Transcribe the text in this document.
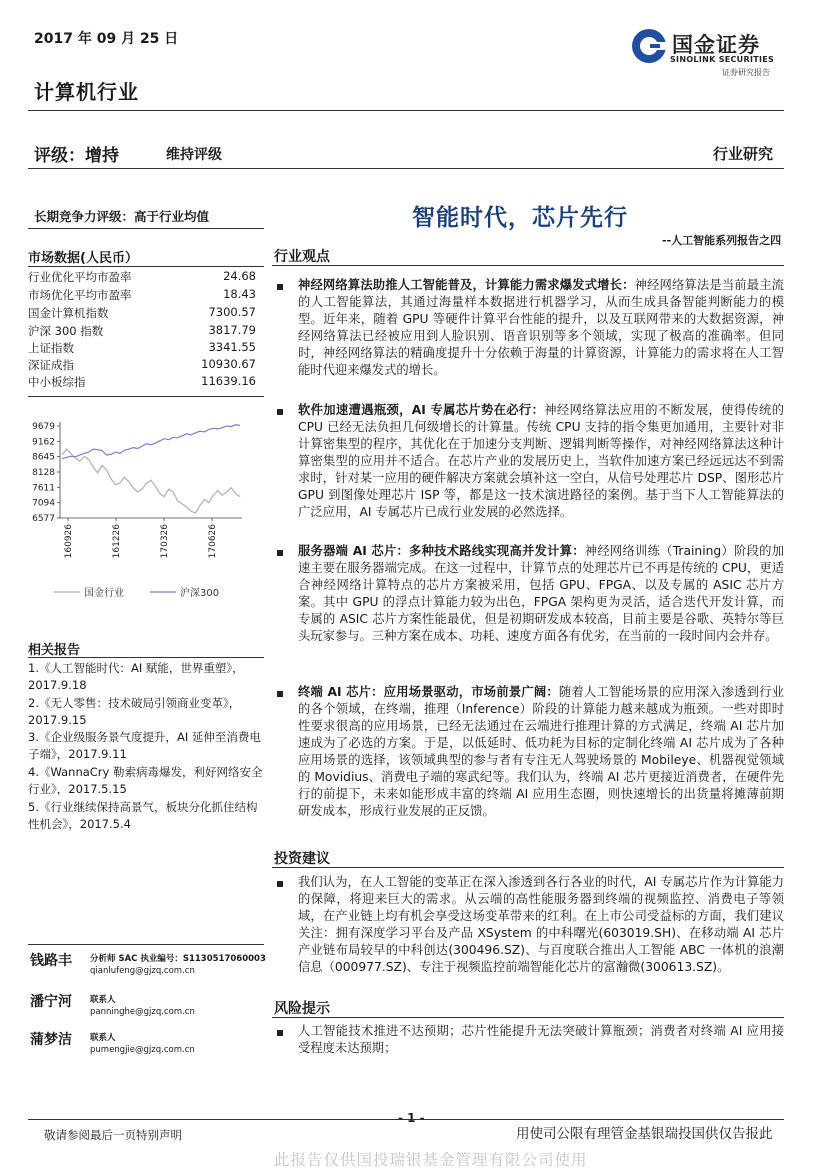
2017 年 09 月 25 日
计算机行业
评级：增持	维持评级	行业研究
国金证券
SINOLINK SECURITIES
证券研究报告
长期竞争力评级：高于行业均值
市场数据(人民币）
行业优化平均市盈率	24.68
市场优化平均市盈率	18.43
国金计算机指数	7300.57
沪深 300 指数	3817.79
上证指数	3341.55
深证成指	10930.67
中小板综指	11639.16
9679
9162
8645
8128
7611
7094
6577
160926	161226	170326	170626
国金行业	沪深300
相关报告
1.《人工智能时代：AI 赋能，世界重塑》，2017.9.18
2.《无人零售：技术破局引领商业变革》，2017.9.15
3.《企业级服务景气度提升，AI 延伸至消费电子端》，2017.9.11
4.《WannaCry 勒索病毒爆发，利好网络安全行业》，2017.5.15
5.《行业继续保持高景气，板块分化抓住结构性机会》，2017.5.4
钱路丰 分析师 SAC 执业编号：S1130517060003
qianlufeng@gjzq.com.cn
潘宁河 联系人
panninghe@gjzq.com.cn
蒲梦洁 联系人
pumengjie@gjzq.com.cn
智能时代，芯片先行
--人工智能系列报告之四
行业观点
神经网络算法助推人工智能普及，计算能力需求爆发式增长：神经网络算法是当前最主流的人工智能算法，其通过海量样本数据进行机器学习，从而生成具备智能判断能力的模型。近年来，随着 GPU 等硬件计算平台性能的提升，以及互联网带来的大数据资源，神经网络算法已经被应用到人脸识别、语音识别等多个领域，实现了极高的准确率。但同时，神经网络算法的精确度提升十分依赖于海量的计算资源，计算能力的需求将在人工智能时代迎来爆发式的增长。
软件加速遭遇瓶颈，AI 专属芯片势在必行：神经网络算法应用的不断发展，使得传统的 CPU 已经无法负担几何级增长的计算量。传统 CPU 支持的指令集更加通用，主要针对非计算密集型的程序，其优化在于加速分支判断、逻辑判断等操作，对神经网络算法这种计算密集型的应用并不适合。在芯片产业的发展历史上，当软件加速方案已经远远达不到需求时，针对某一应用的硬件解决方案就会填补这一空白，从信号处理芯片 DSP、图形芯片 GPU 到图像处理芯片 ISP 等，都是这一技术演进路径的案例。基于当下人工智能算法的广泛应用，AI 专属芯片已成行业发展的必然选择。
服务器端 AI 芯片：多种技术路线实现高并发计算：神经网络训练（Training）阶段的加速主要在服务器端完成。在这一过程中，计算节点的处理芯片已不再是传统的 CPU，更适合神经网络计算特点的芯片方案被采用，包括 GPU、FPGA、以及专属的 ASIC 芯片方案。其中 GPU 的浮点计算能力较为出色，FPGA 架构更为灵活，适合迭代开发计算，而专属的 ASIC 芯片方案性能最优，但是初期研发成本较高，目前主要是谷歌、英特尔等巨头玩家参与。三种方案在成本、功耗、速度方面各有优劣，在当前的一段时间内会并存。
终端 AI 芯片：应用场景驱动，市场前景广阔：随着人工智能场景的应用深入渗透到行业的各个领域，在终端，推理（Inference）阶段的计算能力越来越成为瓶颈。一些对即时性要求很高的应用场景，已经无法通过在云端进行推理计算的方式满足，终端 AI 芯片加速成为了必选的方案。于是，以低延时、低功耗为目标的定制化终端 AI 芯片成为了各种应用场景的选择，该领域典型的参与者有专注无人驾驶场景的 Mobileye、机器视觉领域的 Movidius、消费电子端的寒武纪等。我们认为，终端 AI 芯片更接近消费者，在硬件先行的前提下，未来如能形成丰富的终端 AI 应用生态圈，则快速增长的出货量将摊薄前期研发成本，形成行业发展的正反馈。
投资建议
我们认为，在人工智能的变革正在深入渗透到各行各业的时代，AI 专属芯片作为计算能力的保障，将迎来巨大的需求。从云端的高性能服务器到终端的视频监控、消费电子等领域，在产业链上均有机会享受这场变革带来的红利。在上市公司受益标的方面，我们建议关注：拥有深度学习平台及产品 XSystem 的中科曙光(603019.SH)、在移动端 AI 芯片产业链布局较早的中科创达(300496.SZ)、与百度联合推出人工智能 ABC 一体机的浪潮信息（000977.SZ)、专注于视频监控前端智能化芯片的富瀚微(300613.SZ)。
风险提示
人工智能技术推进不达预期；芯片性能提升无法突破计算瓶颈；消费者对终端 AI 应用接受程度未达预期；
- 1 -
敬请参阅最后一页特别声明	用使司公限有理管金基银瑞投国供仅告报此
此报告仅供国投瑞银基金管理有限公司使用
